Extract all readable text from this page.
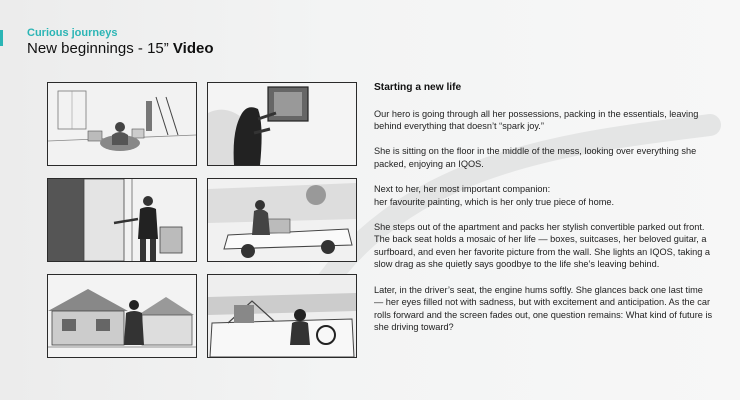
Curious journeys
New beginnings - 15” Video
Starting a new life

Our hero is going through all her possessions, packing in the essentials, leaving behind everything that doesn’t “spark joy.”

She is sitting on the floor in the middle of the mess, looking over everything she packed, enjoying an IQOS.

Next to her, her most important companion:
her favourite painting, which is her only true piece of home.

She steps out of the apartment and packs her stylish convertible parked out front. The back seat holds a mosaic of her life — boxes, suitcases, her beloved guitar, a surfboard, and even her favorite picture from the wall. She lights an IQOS, taking a slow drag as she quietly says goodbye to the life she’s leaving behind.

Later, in the driver’s seat, the engine hums softly. She glances back one last time — her eyes filled not with sadness, but with excitement and anticipation. As the car rolls forward and the screen fades out, one question remains: What kind of future is she driving toward?
